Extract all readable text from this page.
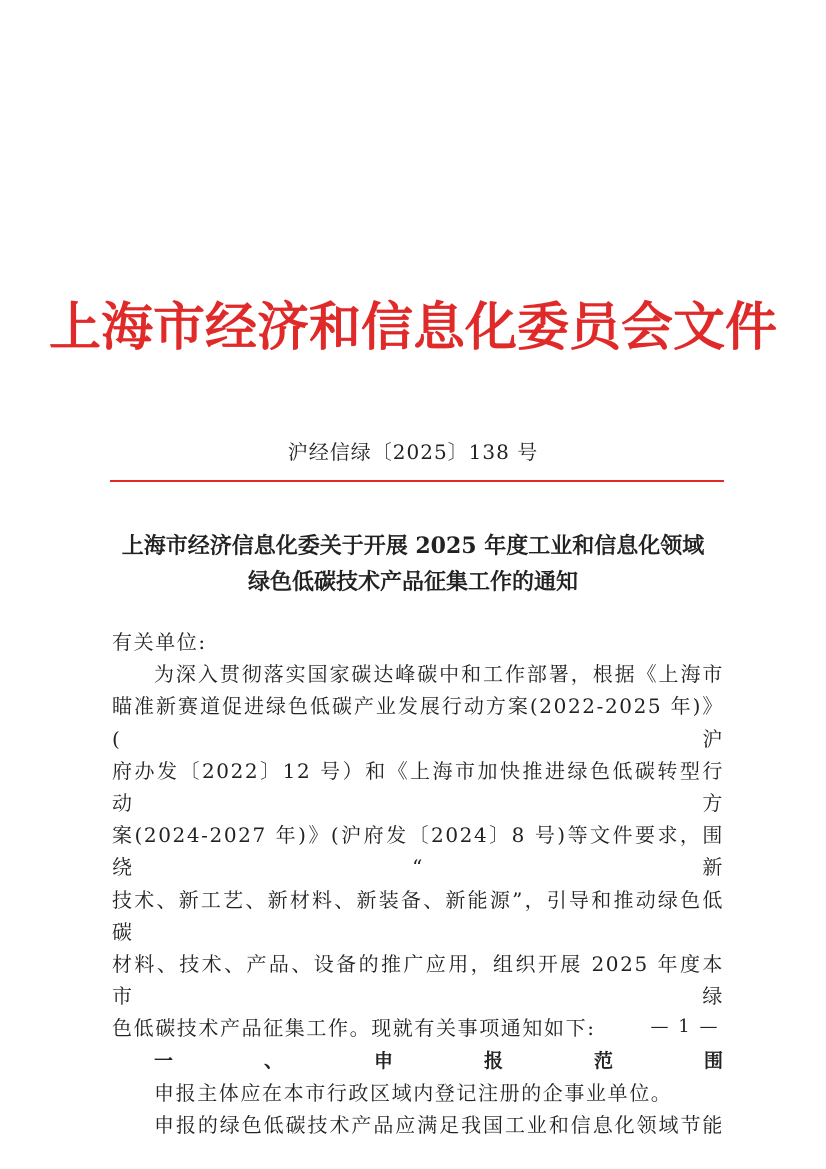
上海市经济和信息化委员会文件
沪经信绿〔2025〕138 号
上海市经济信息化委关于开展 2025 年度工业和信息化领域
绿色低碳技术产品征集工作的通知

有关单位:

为深入贯彻落实国家碳达峰碳中和工作部署，根据《上海市

瞄准新赛道促进绿色低碳产业发展行动方案(2022-2025 年)》(沪

府办发〔2022〕12 号）和《上海市加快推进绿色低碳转型行动方

案(2024-2027 年)》(沪府发〔2024〕8 号)等文件要求，围绕“新

技术、新工艺、新材料、新装备、新能源”，引导和推动绿色低碳

材料、技术、产品、设备的推广应用，组织开展 2025 年度本市绿

色低碳技术产品征集工作。现就有关事项通知如下:

一、申报范围

申报主体应在本市行政区域内登记注册的企事业单位。

申报的绿色低碳技术产品应满足我国工业和信息化领域节能

— 1 —
